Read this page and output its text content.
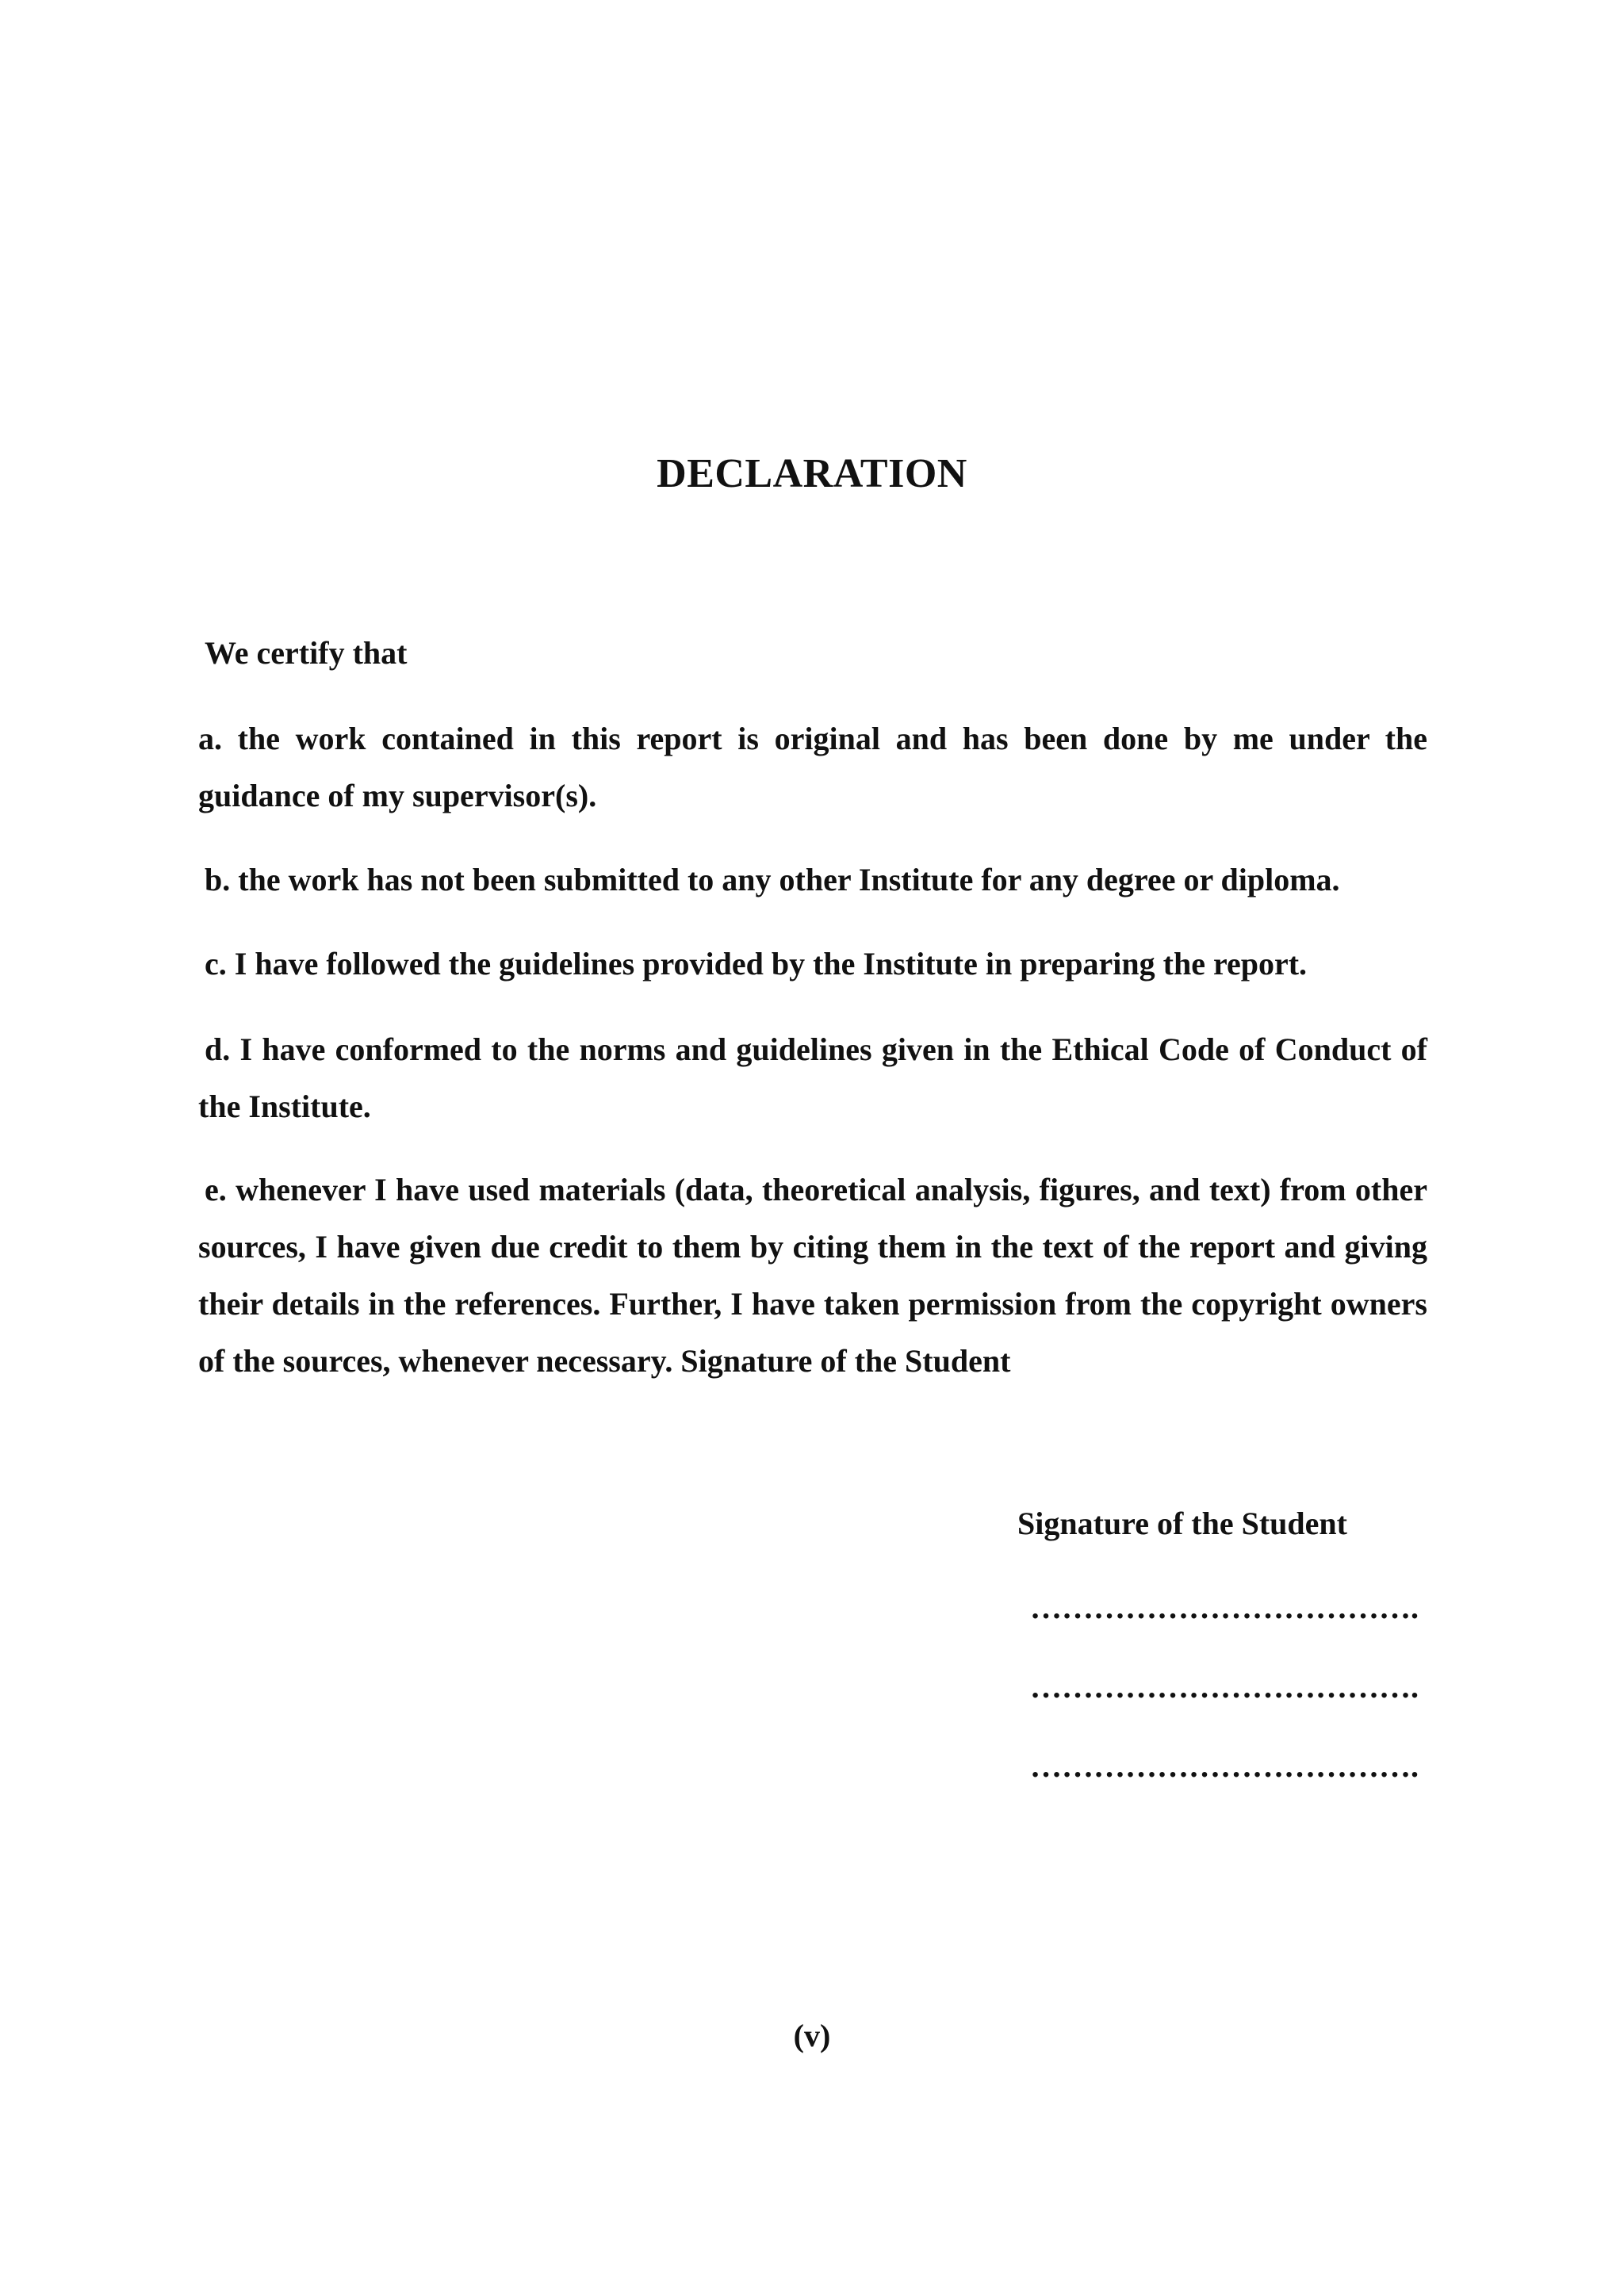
DECLARATION
We certify that
a. the work contained in this report is original and has been done by me under the guidance of my supervisor(s).
b. the work has not been submitted to any other Institute for any degree or diploma.
c. I have followed the guidelines provided by the Institute in preparing the report.
d. I have conformed to the norms and guidelines given in the Ethical Code of Conduct of the Institute.
e. whenever I have used materials (data, theoretical analysis, figures, and text) from other sources, I have given due credit to them by citing them in the text of the report and giving their details in the references. Further, I have taken permission from the copyright owners of the sources, whenever necessary. Signature of the Student
Signature of the Student
……………………………….
……………………………….
……………………………….
(v)
